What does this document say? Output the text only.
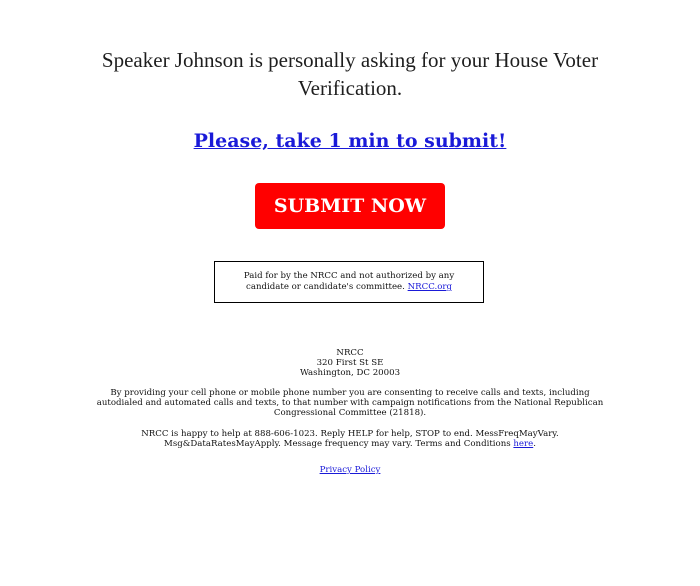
Speaker Johnson is personally asking for your House Voter Verification.

Please, take 1 min to submit!
SUBMIT NOW
Paid for by the NRCC and not authorized by any candidate or candidate's committee. NRCC.org

NRCC
320 First St SE
Washington, DC 20003

By providing your cell phone or mobile phone number you are consenting to receive calls and texts, including autodialed and automated calls and texts, to that number with campaign notifications from the National Republican Congressional Committee (21818).

NRCC is happy to help at 888-606-1023. Reply HELP for help, STOP to end. MessFreqMayVary. Msg&DataRatesMayApply. Message frequency may vary. Terms and Conditions here.

Privacy Policy
